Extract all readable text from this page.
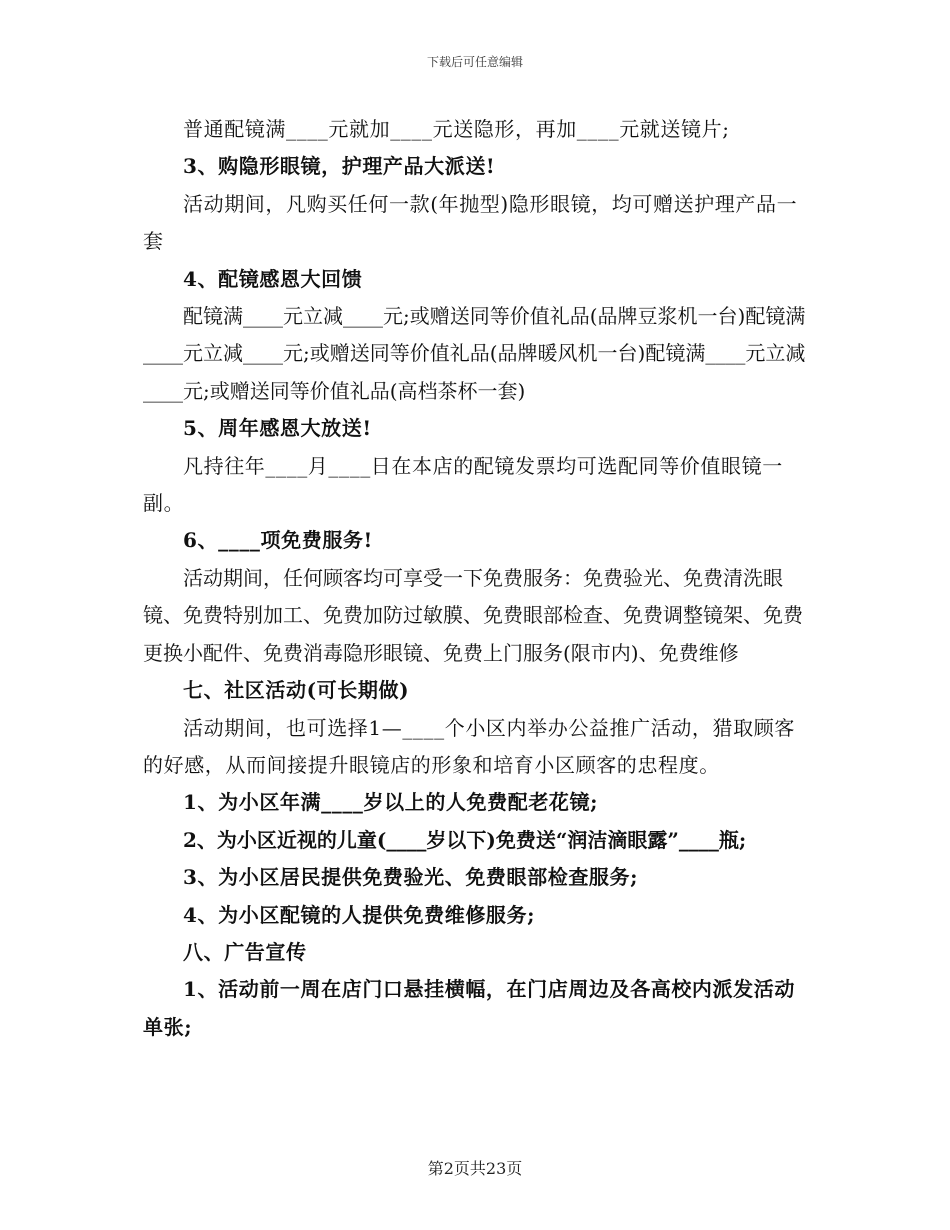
下载后可任意编辑

普通配镜满____元就加____元送隐形，再加____元就送镜片;

3、购隐形眼镜，护理产品大派送!

活动期间，凡购买任何一款(年抛型)隐形眼镜，均可赠送护理产品一套

4、配镜感恩大回馈

配镜满____元立减____元;或赠送同等价值礼品(品牌豆浆机一台)配镜满____元立减____元;或赠送同等价值礼品(品牌暖风机一台)配镜满____元立减____元;或赠送同等价值礼品(高档茶杯一套)

5、周年感恩大放送!

凡持往年____月____日在本店的配镜发票均可选配同等价值眼镜一副。

6、____项免费服务!

活动期间，任何顾客均可享受一下免费服务：免费验光、免费清洗眼镜、免费特别加工、免费加防过敏膜、免费眼部检查、免费调整镜架、免费更换小配件、免费消毒隐形眼镜、免费上门服务(限市内)、免费维修

七、社区活动(可长期做)

活动期间，也可选择1—____个小区内举办公益推广活动，猎取顾客的好感，从而间接提升眼镜店的形象和培育小区顾客的忠程度。

1、为小区年满____岁以上的人免费配老花镜;

2、为小区近视的儿童(____岁以下)免费送“润洁滴眼露”____瓶;

3、为小区居民提供免费验光、免费眼部检查服务;

4、为小区配镜的人提供免费维修服务;

八、广告宣传

1、活动前一周在店门口悬挂横幅，在门店周边及各高校内派发活动单张;

第2页共23页
